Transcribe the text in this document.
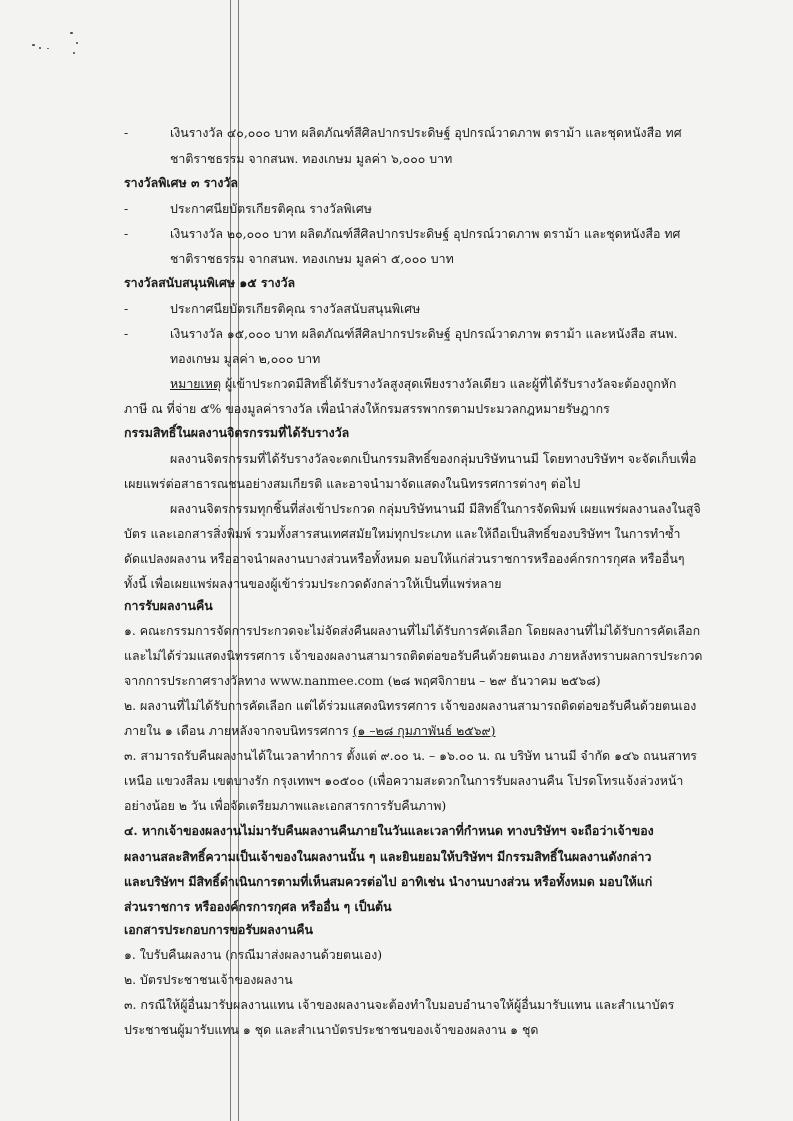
-	เงินรางวัล ๔๐,๐๐๐ บาท ผลิตภัณฑ์สีศิลปากรประดิษฐ์ อุปกรณ์วาดภาพ ตราม้า และชุดหนังสือ ทศ
ชาติราชธรรม จากสนพ. ทองเกษม มูลค่า ๖,๐๐๐ บาท
รางวัลพิเศษ ๓ รางวัล
-	ประกาศนียบัตรเกียรติคุณ รางวัลพิเศษ
-	เงินรางวัล ๒๐,๐๐๐ บาท ผลิตภัณฑ์สีศิลปากรประดิษฐ์ อุปกรณ์วาดภาพ ตราม้า และชุดหนังสือ ทศ
ชาติราชธรรม จากสนพ. ทองเกษม มูลค่า ๕,๐๐๐ บาท
รางวัลสนับสนุนพิเศษ ๑๕ รางวัล
-	ประกาศนียบัตรเกียรติคุณ รางวัลสนับสนุนพิเศษ
-	เงินรางวัล ๑๕,๐๐๐ บาท ผลิตภัณฑ์สีศิลปากรประดิษฐ์ อุปกรณ์วาดภาพ ตราม้า และหนังสือ สนพ.
ทองเกษม มูลค่า ๒,๐๐๐ บาท
หมายเหตุ ผู้เข้าประกวดมีสิทธิ์ได้รับรางวัลสูงสุดเพียงรางวัลเดียว และผู้ที่ได้รับรางวัลจะต้องถูกหัก
ภาษี ณ ที่จ่าย ๕% ของมูลค่ารางวัล เพื่อนำส่งให้กรมสรรพากรตามประมวลกฎหมายรัษฎากร
กรรมสิทธิ์ในผลงานจิตรกรรมที่ได้รับรางวัล
ผลงานจิตรกรรมที่ได้รับรางวัลจะตกเป็นกรรมสิทธิ์ของกลุ่มบริษัทนานมี โดยทางบริษัทฯ จะจัดเก็บเพื่อ
เผยแพร่ต่อสาธารณชนอย่างสมเกียรติ และอาจนำมาจัดแสดงในนิทรรศการต่างๆ ต่อไป
ผลงานจิตรกรรมทุกชิ้นที่ส่งเข้าประกวด กลุ่มบริษัทนานมี มีสิทธิ์ในการจัดพิมพ์ เผยแพร่ผลงานลงในสูจิ
บัตร และเอกสารสิ่งพิมพ์ รวมทั้งสารสนเทศสมัยใหม่ทุกประเภท และให้ถือเป็นสิทธิ์ของบริษัทฯ ในการทำซ้ำ
ดัดแปลงผลงาน หรืออาจนำผลงานบางส่วนหรือทั้งหมด มอบให้แก่ส่วนราชการหรือองค์กรการกุศล หรืออื่นๆ
ทั้งนี้ เพื่อเผยแพร่ผลงานของผู้เข้าร่วมประกวดดังกล่าวให้เป็นที่แพร่หลาย
การรับผลงานคืน
๑. คณะกรรมการจัดการประกวดจะไม่จัดส่งคืนผลงานที่ไม่ได้รับการคัดเลือก โดยผลงานที่ไม่ได้รับการคัดเลือก
และไม่ได้ร่วมแสดงนิทรรศการ เจ้าของผลงานสามารถติดต่อขอรับคืนด้วยตนเอง ภายหลังทราบผลการประกวด
จากการประกาศรางวัลทาง www.nanmee.com (๒๘ พฤศจิกายน – ๒๙ ธันวาคม ๒๕๖๘)
๒. ผลงานที่ไม่ได้รับการคัดเลือก แต่ได้ร่วมแสดงนิทรรศการ เจ้าของผลงานสามารถติดต่อขอรับคืนด้วยตนเอง
ภายใน ๑ เดือน ภายหลังจากจบนิทรรศการ (๑ –๒๘ กุมภาพันธ์ ๒๕๖๙)
๓. สามารถรับคืนผลงานได้ในเวลาทำการ ตั้งแต่ ๙.๐๐ น. – ๑๖.๐๐ น. ณ บริษัท นานมี จำกัด ๑๔๖ ถนนสาทร
เหนือ แขวงสีลม เขตบางรัก กรุงเทพฯ ๑๐๕๐๐ (เพื่อความสะดวกในการรับผลงานคืน โปรดโทรแจ้งล่วงหน้า
อย่างน้อย ๒ วัน เพื่อจัดเตรียมภาพและเอกสารการรับคืนภาพ)
๔. หากเจ้าของผลงานไม่มารับคืนผลงานคืนภายในวันและเวลาที่กำหนด ทางบริษัทฯ จะถือว่าเจ้าของ
ผลงานสละสิทธิ์ความเป็นเจ้าของในผลงานนั้น ๆ และยินยอมให้บริษัทฯ มีกรรมสิทธิ์ในผลงานดังกล่าว
และบริษัทฯ มีสิทธิ์ดำเนินการตามที่เห็นสมควรต่อไป อาทิเช่น นำงานบางส่วน หรือทั้งหมด มอบให้แก่
ส่วนราชการ หรือองค์กรการกุศล หรืออื่น ๆ เป็นต้น
เอกสารประกอบการขอรับผลงานคืน
๑. ใบรับคืนผลงาน (กรณีมาส่งผลงานด้วยตนเอง)
๒. บัตรประชาชนเจ้าของผลงาน
๓. กรณีให้ผู้อื่นมารับผลงานแทน เจ้าของผลงานจะต้องทำใบมอบอำนาจให้ผู้อื่นมารับแทน และสำเนาบัตร
ประชาชนผู้มารับแทน ๑ ชุด และสำเนาบัตรประชาชนของเจ้าของผลงาน ๑ ชุด
